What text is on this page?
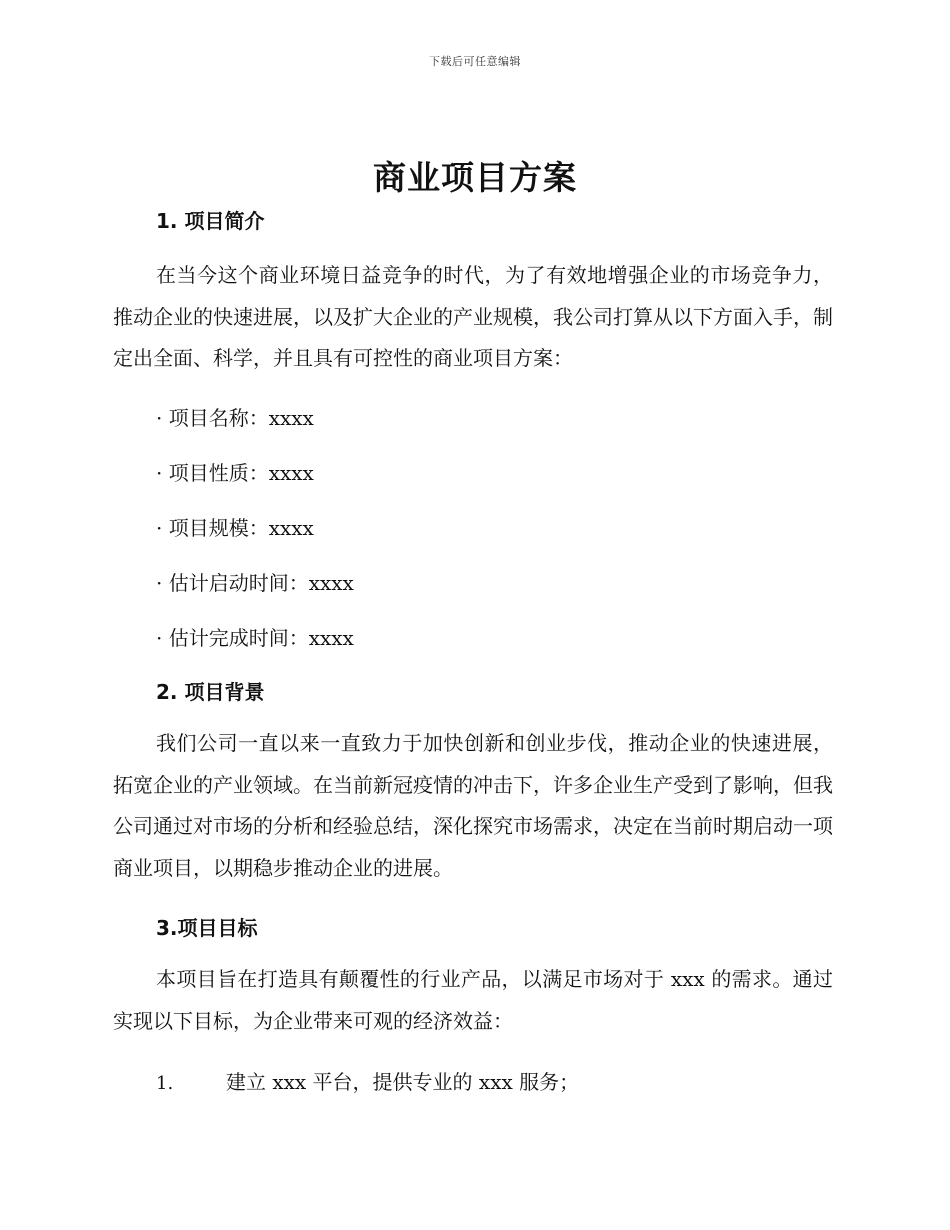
下载后可任意编辑
商业项目方案
1. 项目简介
在当今这个商业环境日益竞争的时代，为了有效地增强企业的市场竞争力，推动企业的快速进展，以及扩大企业的产业规模，我公司打算从以下方面入手，制定出全面、科学，并且具有可控性的商业项目方案：
· 项目名称：xxxx
· 项目性质：xxxx
· 项目规模：xxxx
· 估计启动时间：xxxx
· 估计完成时间：xxxx
2. 项目背景
我们公司一直以来一直致力于加快创新和创业步伐，推动企业的快速进展，拓宽企业的产业领域。在当前新冠疫情的冲击下，许多企业生产受到了影响，但我公司通过对市场的分析和经验总结，深化探究市场需求，决定在当前时期启动一项商业项目，以期稳步推动企业的进展。
3.项目目标
本项目旨在打造具有颠覆性的行业产品，以满足市场对于 xxx 的需求。通过实现以下目标，为企业带来可观的经济效益：
1.	建立 xxx 平台，提供专业的 xxx 服务；
